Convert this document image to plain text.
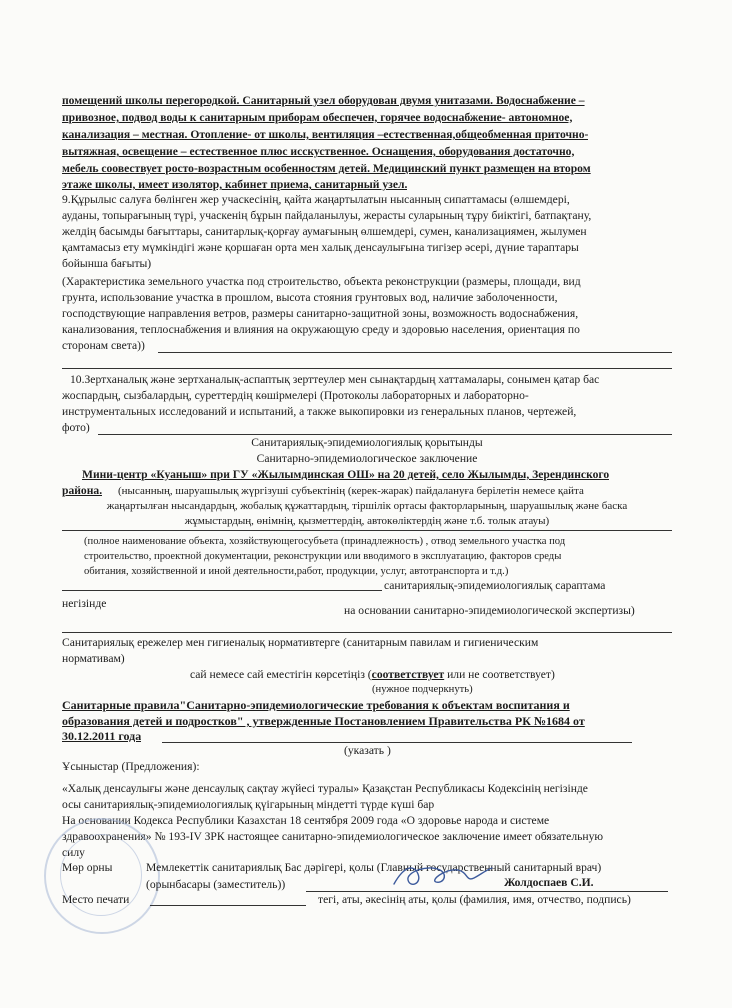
помещений школы перегородкой. Санитарный узел оборудован двумя унитазами. Водоснабжение –
привозное, подвод воды к санитарным приборам обеспечен, горячее водоснабжение- автономное,
канализация – местная. Отопление- от школы, вентиляция –естественная,общеобменная приточно-
вытяжная, освещение – естественное плюс исскуственное. Оснащения, оборудования достаточно,
мебель соовествует росто-возрастным особенностям детей. Медицинский пункт размещен на втором
этаже школы, имеет изолятор, кабинет приема, санитарный узел.
9.Құрылыс салуға бөлінген жер учаскесінің, қайта жаңартылатын нысанның сипаттамасы (өлшемдері,
ауданы, топырағының түрі, учаскенің бұрын пайдаланылуы, жерасты суларының тұру биіктігі, батпақтану,
желдің басымды бағыттары, санитарлық-қорғау аумағының өлшемдері, сумен, канализациямен, жылумен
қамтамасыз ету мүмкіндігі және қоршаған орта мен халық денсаулығына тигізер әсері, дүние тараптары
бойынша бағыты)
(Характеристика земельного участка под строительство, объекта реконструкции (размеры, площади, вид
грунта, использование участка в прошлом, высота стояния грунтовых вод, наличие заболоченности,
господствующие направления ветров, размеры санитарно-защитной зоны, возможность водоснабжения,
канализования, теплоснабжения и влияния на окружающую среду и здоровью населения, ориентация по
сторонам света))
10.Зертханалық және зертханалық-аспаптық зерттеулер мен сынақтардың хаттамалары, сонымен қатар бас
жоспардың, сызбалардың, суреттердің көшірмелері (Протоколы лабораторных и лабораторно-
инструментальных исследований и испытаний, а также выкопировки из генеральных планов, чертежей,
фото)
Санитариялық-эпидемиологиялық қорытынды
Санитарно-эпидемиологическое заключение
Мини-центр «Куаныш» при ГУ «Жылымдинская ОШ» на 20 детей, село Жылымды, Зерендинского
района. (нысанның, шаруашылық жүргізуші субъектінің (керек-жарак) пайдалануға берілетін немесе қайта
жаңартылған нысандардың, жобалық құжаттардың, тіршілік ортасы факторларының, шаруашылық және баска
жұмыстардың, өнімнің, қызметтердің, автокөліктердің және т.б. толык атауы)
(полное наименование объекта, хозяйствующегосубъета (принадлежность) , отвод земельного участка под
строительство, проектной документации, реконструкции или вводимого в эксплуатацию, факторов среды
обитания, хозяйственной и иной деятельности,работ, продукции, услуг, автотранспорта и т.д.)
санитариялық-эпидемиологиялық сараптама
негізінде
на основании санитарно-эпидемиологической экспертизы)
Санитариялық ережелер мен гигиеналық нормативтерге (санитарным павилам и гигиеническим
нормативам)
сай немесе сай еместігін көрсетіңіз (соответствует или не соответствует)
(нужное подчеркнуть)
Санитарные правила"Санитарно-эпидемиологические требования к объектам воспитания и
образования детей и подростков" , утвержденные Постановлением Правительства РК №1684 от
30.12.2011 года
(указать )
Ұсыныстар (Предложения):
«Халық денсаулығы және денсаулық сақтау жүйесі туралы» Қазақстан Республикасы Кодексінің негізінде
осы санитариялық-эпидемиологиялық қүігарының міндетті түрде күші бар
На основании Кодекса Республики Казахстан 18 сентября 2009 года «О здоровье народа и системе
здравоохранения» № 193-IV ЗРК настоящее санитарно-эпидемиологическое заключение имеет обязательную
силу
Мөр орны	Мемлекеттік санитариялық Бас дәрігері, қолы (Главный государственный санитарный врач)
(орынбасары (заместитель))	Жолдоспаев С.И.
Место печати	тегі, аты, әкесінің аты, қолы (фамилия, имя, отчество, подпись)
